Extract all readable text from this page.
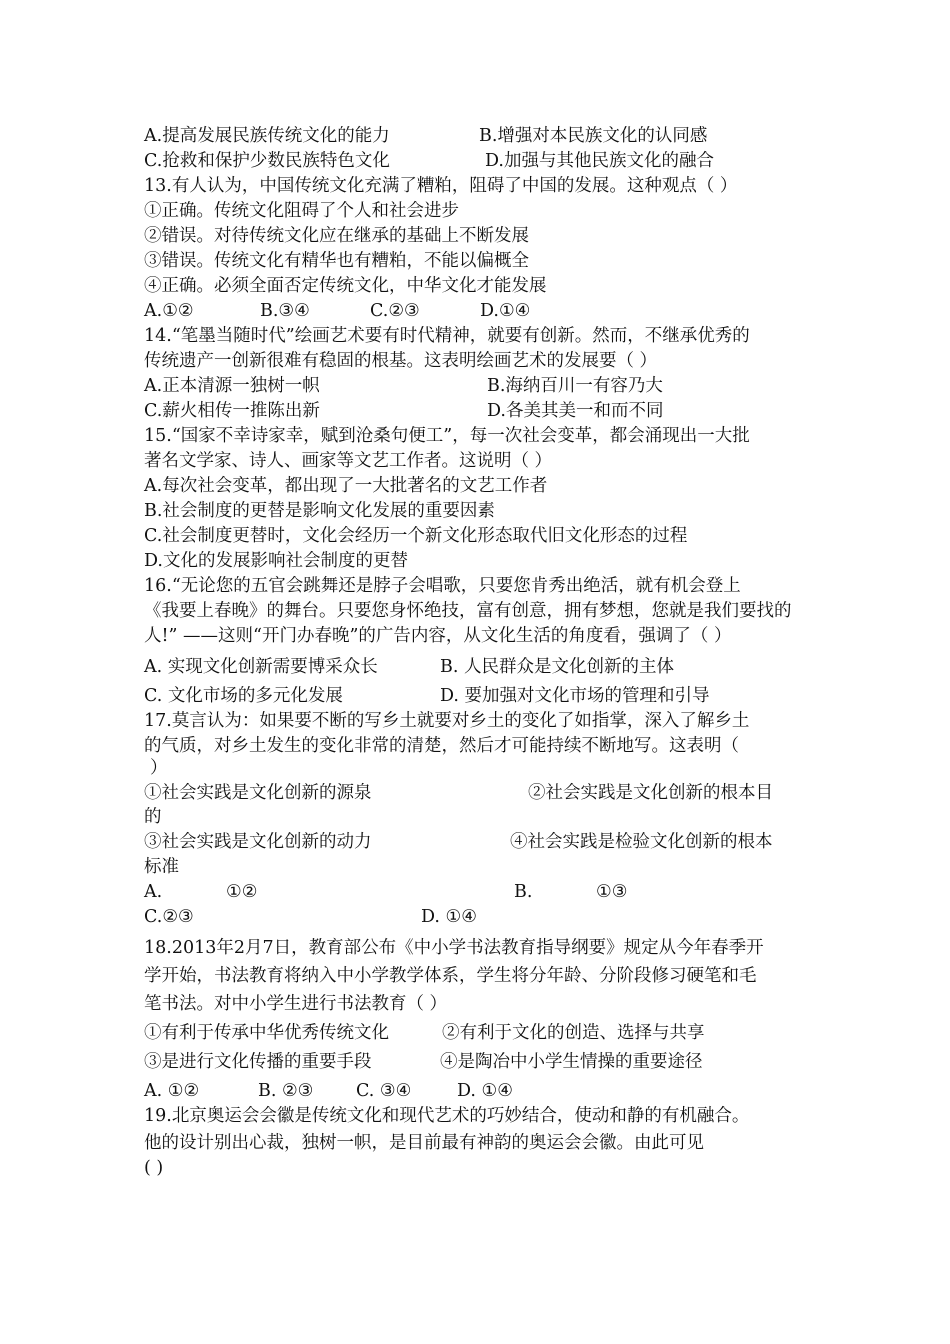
A.提高发展民族传统文化的能力	B.增强对本民族文化的认同感
C.抢救和保护少数民族特色文化	D.加强与其他民族文化的融合
13.有人认为，中国传统文化充满了糟粕，阻碍了中国的发展。这种观点（ ）
①正确。传统文化阻碍了个人和社会进步
②错误。对待传统文化应在继承的基础上不断发展
③错误。传统文化有精华也有糟粕，不能以偏概全
④正确。必须全面否定传统文化，中华文化才能发展
A.①②	B.③④	C.②③	D.①④
14.“笔墨当随时代”绘画艺术要有时代精神，就要有创新。然而，不继承优秀的
传统遗产一创新很难有稳固的根基。这表明绘画艺术的发展要（ ）
A.正本清源一独树一帜	B.海纳百川一有容乃大
C.薪火相传一推陈出新	D.各美其美一和而不同
15.“国家不幸诗家幸，赋到沧桑句便工”，每一次社会变革，都会涌现出一大批
著名文学家、诗人、画家等文艺工作者。这说明（ ）
A.每次社会变革，都出现了一大批著名的文艺工作者
B.社会制度的更替是影响文化发展的重要因素
C.社会制度更替时，文化会经历一个新文化形态取代旧文化形态的过程
D.文化的发展影响社会制度的更替
16.“无论您的五官会跳舞还是脖子会唱歌，只要您肯秀出绝活，就有机会登上
《我要上春晚》的舞台。只要您身怀绝技，富有创意，拥有梦想，您就是我们要找的
人!” ——这则“开门办春晚”的广告内容，从文化生活的角度看，强调了（ ）
A. 实现文化创新需要博采众长	B. 人民群众是文化创新的主体
C. 文化市场的多元化发展	D. 要加强对文化市场的管理和引导
17.莫言认为：如果要不断的写乡土就要对乡土的变化了如指掌，深入了解乡土
的气质，对乡土发生的变化非常的清楚，然后才可能持续不断地写。这表明（
）
①社会实践是文化创新的源泉	②社会实践是文化创新的根本目
的
③社会实践是文化创新的动力	④社会实践是检验文化创新的根本
标准
A.	①②	B.	①③
C.②③	D. ①④
18.2013年2月7日，教育部公布《中小学书法教育指导纲要》规定从今年春季开
学开始，书法教育将纳入中小学教学体系，学生将分年龄、分阶段修习硬笔和毛
笔书法。对中小学生进行书法教育（ ）
①有利于传承中华优秀传统文化	②有利于文化的创造、选择与共享
③是进行文化传播的重要手段	④是陶冶中小学生情操的重要途径
A. ①②	B. ②③ C. ③④	D. ①④
19.北京奥运会会徽是传统文化和现代艺术的巧妙结合，使动和静的有机融合。
他的设计别出心裁，独树一帜，是目前最有神韵的奥运会会徽。由此可见
( )
